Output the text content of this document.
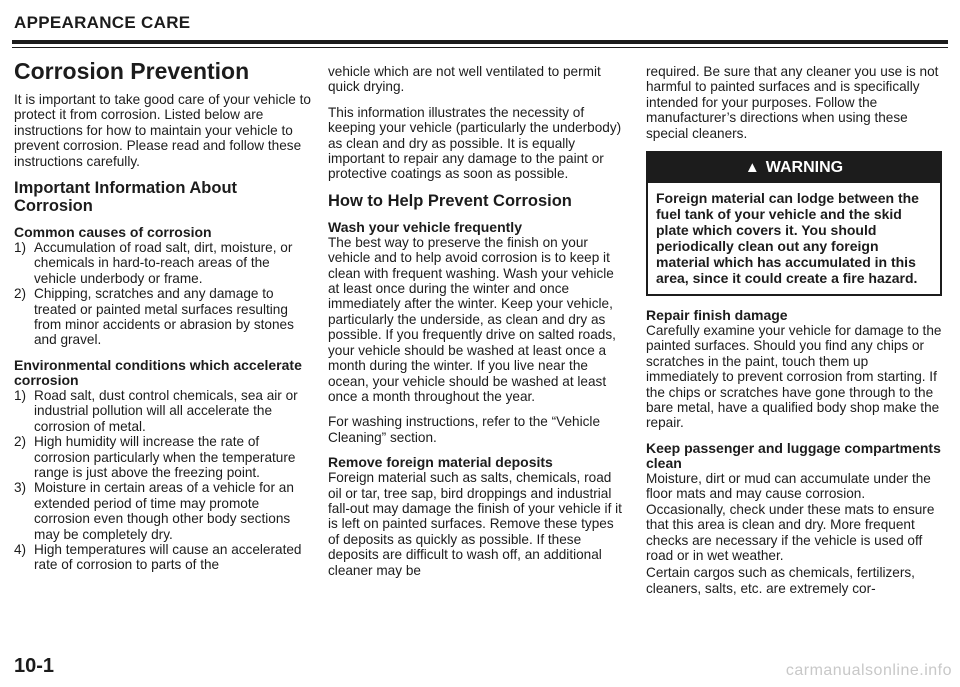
APPEARANCE CARE
Corrosion Prevention

It is important to take good care of your vehicle to protect it from corrosion. Listed below are instructions for how to maintain your vehicle to prevent corrosion. Please read and follow these instructions carefully.

Important Information About Corrosion
Common causes of corrosion
1) Accumulation of road salt, dirt, moisture, or chemicals in hard-to-reach areas of the vehicle underbody or frame.
2) Chipping, scratches and any damage to treated or painted metal surfaces resulting from minor accidents or abrasion by stones and gravel.
Environmental conditions which accelerate corrosion
1) Road salt, dust control chemicals, sea air or industrial pollution will all accelerate the corrosion of metal.
2) High humidity will increase the rate of corrosion particularly when the temperature range is just above the freezing point.
3) Moisture in certain areas of a vehicle for an extended period of time may promote corrosion even though other body sections may be completely dry.
4) High temperatures will cause an accelerated rate of corrosion to parts of the

vehicle which are not well ventilated to permit quick drying.

This information illustrates the necessity of keeping your vehicle (particularly the underbody) as clean and dry as possible. It is equally important to repair any damage to the paint or protective coatings as soon as possible.

How to Help Prevent Corrosion
Wash your vehicle frequently

The best way to preserve the finish on your vehicle and to help avoid corrosion is to keep it clean with frequent washing. Wash your vehicle at least once during the winter and once immediately after the winter. Keep your vehicle, particularly the underside, as clean and dry as possible. If you frequently drive on salted roads, your vehicle should be washed at least once a month during the winter. If you live near the ocean, your vehicle should be washed at least once a month throughout the year.

For washing instructions, refer to the “Vehicle Cleaning” section.

Remove foreign material deposits

Foreign material such as salts, chemicals, road oil or tar, tree sap, bird droppings and industrial fall-out may damage the finish of your vehicle if it is left on painted surfaces. Remove these types of deposits as quickly as possible. If these deposits are difficult to wash off, an additional cleaner may be

required. Be sure that any cleaner you use is not harmful to painted surfaces and is specifically intended for your purposes. Follow the manufacturer’s directions when using these special cleaners.

▲ WARNING
Foreign material can lodge between the fuel tank of your vehicle and the skid plate which covers it. You should periodically clean out any foreign material which has accumulated in this area, since it could create a fire hazard.
Repair finish damage

Carefully examine your vehicle for damage to the painted surfaces. Should you find any chips or scratches in the paint, touch them up immediately to prevent corrosion from starting. If the chips or scratches have gone through to the bare metal, have a qualified body shop make the repair.

Keep passenger and luggage compartments clean

Moisture, dirt or mud can accumulate under the floor mats and may cause corrosion. Occasionally, check under these mats to ensure that this area is clean and dry. More frequent checks are necessary if the vehicle is used off road or in wet weather.

Certain cargos such as chemicals, fertilizers, cleaners, salts, etc. are extremely cor-

10-1	carmanualsonline.info
